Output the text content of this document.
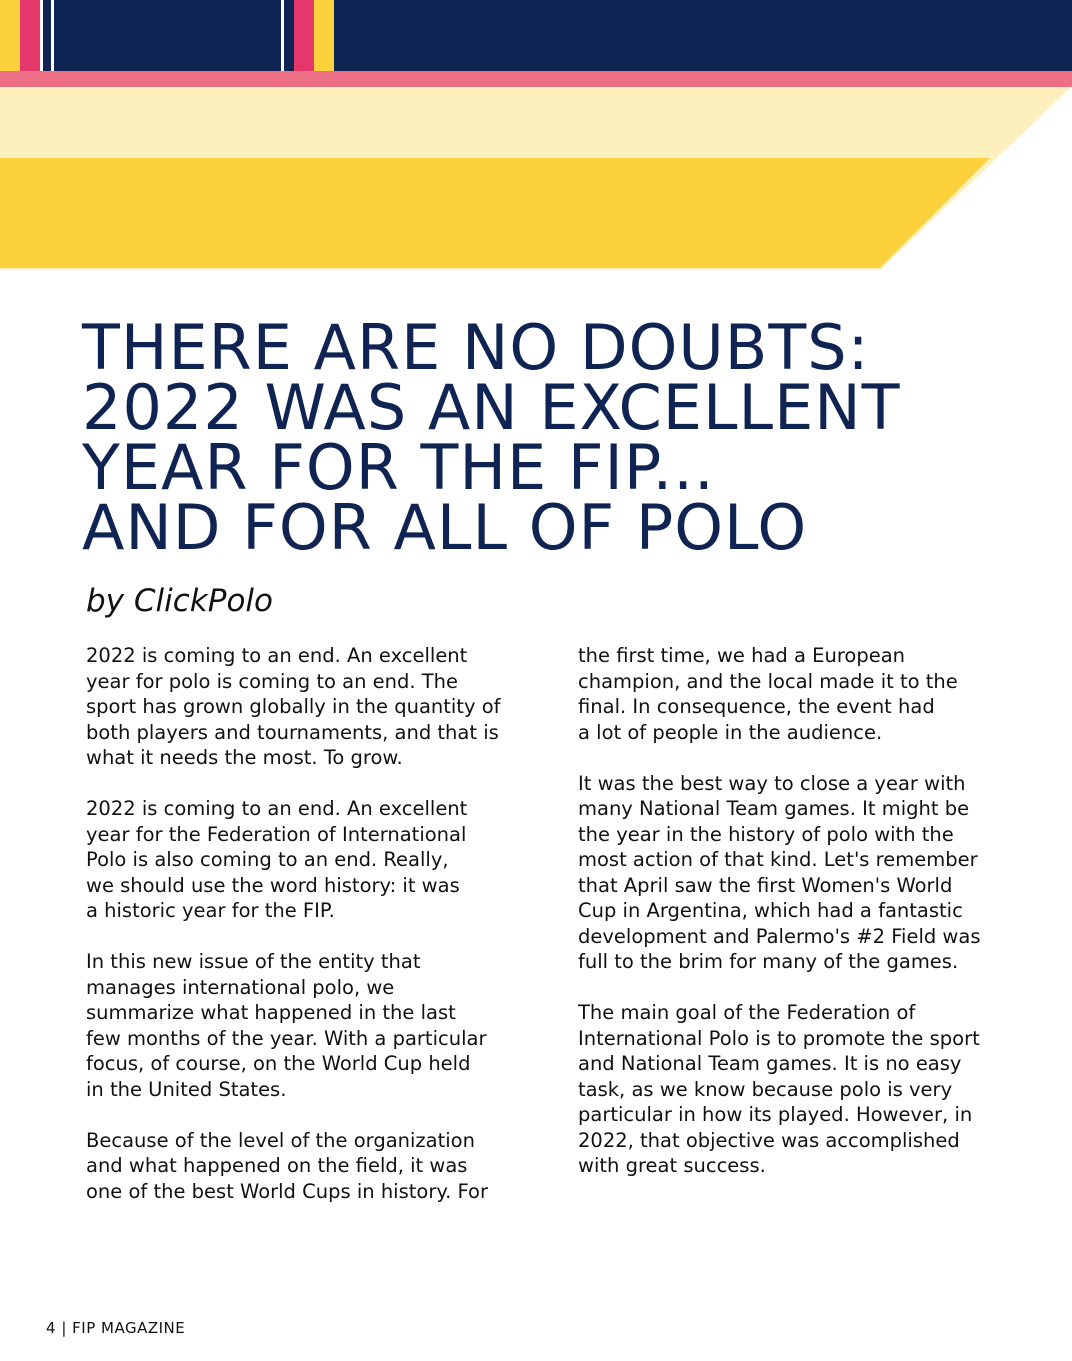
THERE ARE NO DOUBTS:
2022 WAS AN EXCELLENT
YEAR FOR THE FIP...
AND FOR ALL OF POLO

by ClickPolo

2022 is coming to an end. An excellent
year for polo is coming to an end. The
sport has grown globally in the quantity of
both players and tournaments, and that is
what it needs the most. To grow.

2022 is coming to an end. An excellent
year for the Federation of International
Polo is also coming to an end. Really,
we should use the word history: it was
a historic year for the FIP.

In this new issue of the entity that
manages international polo, we
summarize what happened in the last
few months of the year. With a particular
focus, of course, on the World Cup held
in the United States.

Because of the level of the organization
and what happened on the field, it was
one of the best World Cups in history. For

the first time, we had a European
champion, and the local made it to the
final. In consequence, the event had
a lot of people in the audience.

It was the best way to close a year with
many National Team games. It might be
the year in the history of polo with the
most action of that kind. Let's remember
that April saw the first Women's World
Cup in Argentina, which had a fantastic
development and Palermo's #2 Field was
full to the brim for many of the games.

The main goal of the Federation of
International Polo is to promote the sport
and National Team games. It is no easy
task, as we know because polo is very
particular in how its played. However, in
2022, that objective was accomplished
with great success.

4 | FIP MAGAZINE
